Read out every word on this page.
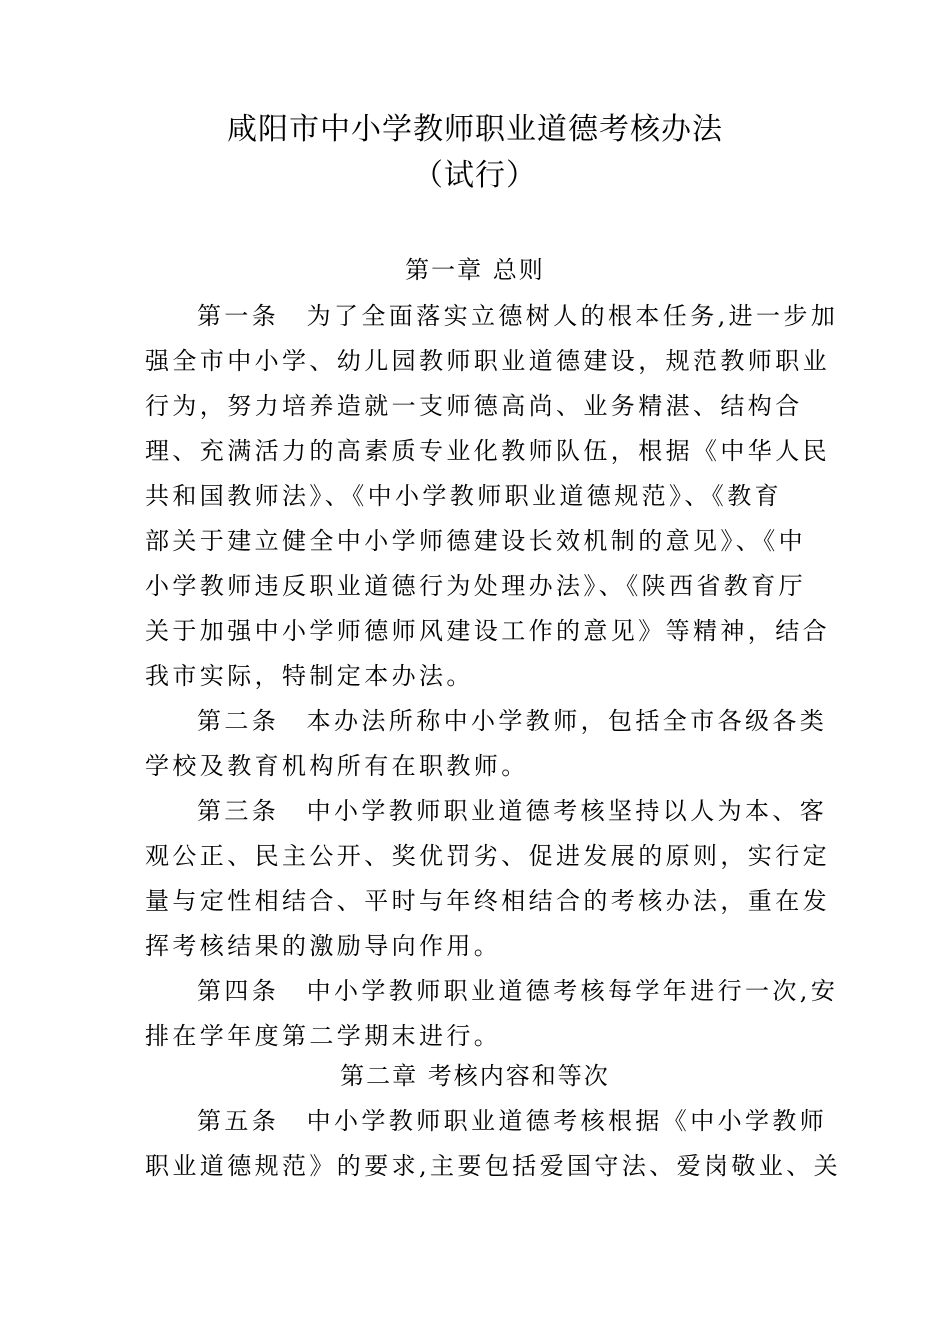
咸阳市中小学教师职业道德考核办法
（试行）
第一章 总则

第一条　为了全面落实立德树人的根本任务,进一步加

强全市中小学、幼儿园教师职业道德建设，规范教师职业

行为，努力培养造就一支师德高尚、业务精湛、结构合

理、充满活力的高素质专业化教师队伍，根据《中华人民

共和国教师法》、《中小学教师职业道德规范》、《教育

部关于建立健全中小学师德建设长效机制的意见》、《中

小学教师违反职业道德行为处理办法》、《陕西省教育厅

关于加强中小学师德师风建设工作的意见》等精神，结合

我市实际，特制定本办法。

第二条　本办法所称中小学教师，包括全市各级各类

学校及教育机构所有在职教师。

第三条　中小学教师职业道德考核坚持以人为本、客

观公正、民主公开、奖优罚劣、促进发展的原则，实行定

量与定性相结合、平时与年终相结合的考核办法，重在发

挥考核结果的激励导向作用。

第四条　中小学教师职业道德考核每学年进行一次,安

排在学年度第二学期末进行。

第二章 考核内容和等次

第五条　中小学教师职业道德考核根据《中小学教师

职业道德规范》的要求,主要包括爱国守法、爱岗敬业、关
